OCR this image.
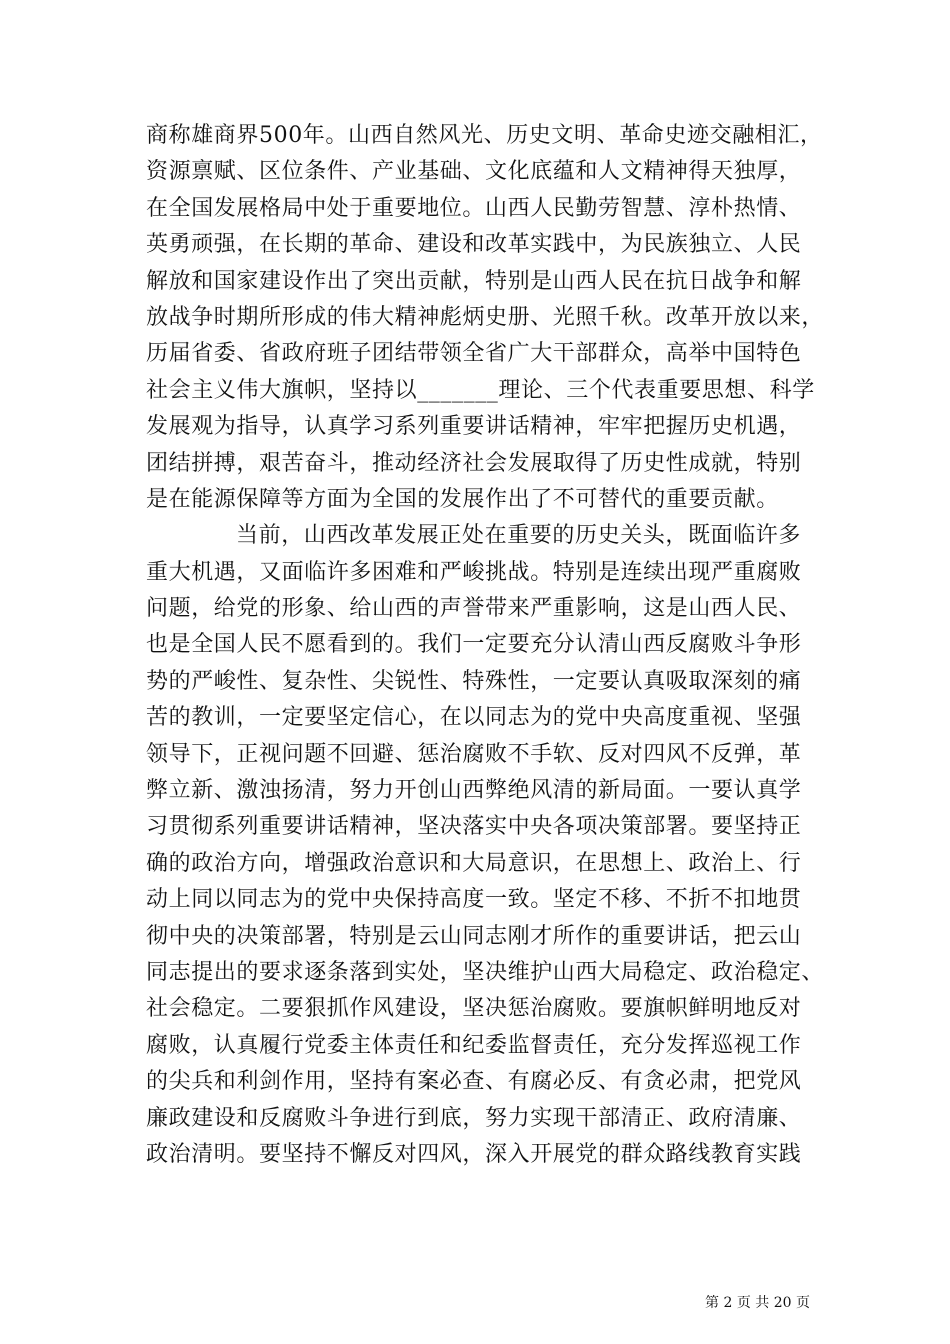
商称雄商界500年。山西自然风光、历史文明、革命史迹交融相汇，
资源禀赋、区位条件、产业基础、文化底蕴和人文精神得天独厚，
在全国发展格局中处于重要地位。山西人民勤劳智慧、淳朴热情、
英勇顽强，在长期的革命、建设和改革实践中，为民族独立、人民
解放和国家建设作出了突出贡献，特别是山西人民在抗日战争和解
放战争时期所形成的伟大精神彪炳史册、光照千秋。改革开放以来，
历届省委、省政府班子团结带领全省广大干部群众，高举中国特色
社会主义伟大旗帜，坚持以_______理论、三个代表重要思想、科学
发展观为指导，认真学习系列重要讲话精神，牢牢把握历史机遇，
团结拼搏，艰苦奋斗，推动经济社会发展取得了历史性成就，特别
是在能源保障等方面为全国的发展作出了不可替代的重要贡献。
当前，山西改革发展正处在重要的历史关头，既面临许多
重大机遇，又面临许多困难和严峻挑战。特别是连续出现严重腐败
问题，给党的形象、给山西的声誉带来严重影响，这是山西人民、
也是全国人民不愿看到的。我们一定要充分认清山西反腐败斗争形
势的严峻性、复杂性、尖锐性、特殊性，一定要认真吸取深刻的痛
苦的教训，一定要坚定信心，在以同志为的党中央高度重视、坚强
领导下，正视问题不回避、惩治腐败不手软、反对四风不反弹，革
弊立新、激浊扬清，努力开创山西弊绝风清的新局面。一要认真学
习贯彻系列重要讲话精神，坚决落实中央各项决策部署。要坚持正
确的政治方向，增强政治意识和大局意识，在思想上、政治上、行
动上同以同志为的党中央保持高度一致。坚定不移、不折不扣地贯
彻中央的决策部署，特别是云山同志刚才所作的重要讲话，把云山
同志提出的要求逐条落到实处，坚决维护山西大局稳定、政治稳定、
社会稳定。二要狠抓作风建设，坚决惩治腐败。要旗帜鲜明地反对
腐败，认真履行党委主体责任和纪委监督责任，充分发挥巡视工作
的尖兵和利剑作用，坚持有案必查、有腐必反、有贪必肃，把党风
廉政建设和反腐败斗争进行到底，努力实现干部清正、政府清廉、
政治清明。要坚持不懈反对四风，深入开展党的群众路线教育实践
第 2 页 共 20 页
